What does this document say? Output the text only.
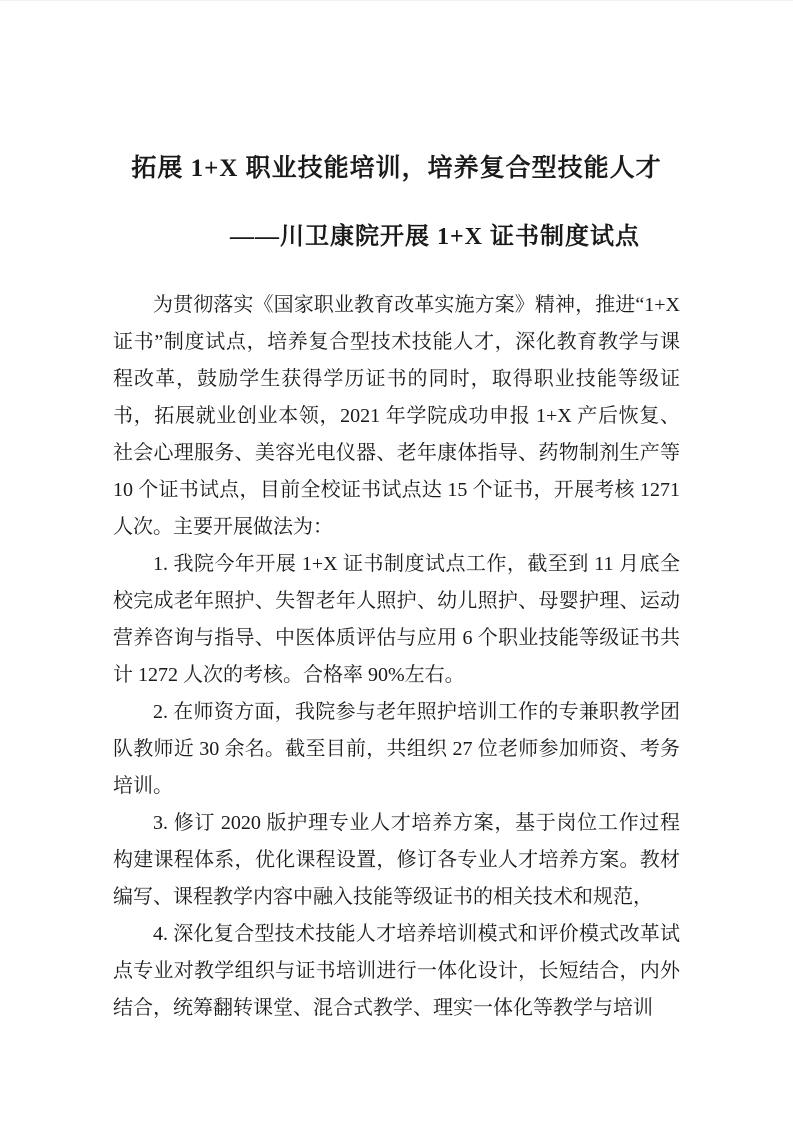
拓展 1+X 职业技能培训，培养复合型技能人才
——川卫康院开展 1+X 证书制度试点

为贯彻落实《国家职业教育改革实施方案》精神，推进“1+X 证书”制度试点，培养复合型技术技能人才，深化教育教学与课程改革，鼓励学生获得学历证书的同时，取得职业技能等级证书，拓展就业创业本领，2021 年学院成功申报 1+X 产后恢复、社会心理服务、美容光电仪器、老年康体指导、药物制剂生产等 10 个证书试点，目前全校证书试点达 15 个证书，开展考核 1271 人次。主要开展做法为：

1. 我院今年开展 1+X 证书制度试点工作，截至到 11 月底全校完成老年照护、失智老年人照护、幼儿照护、母婴护理、运动营养咨询与指导、中医体质评估与应用 6 个职业技能等级证书共计 1272 人次的考核。合格率 90%左右。

2. 在师资方面，我院参与老年照护培训工作的专兼职教学团队教师近 30 余名。截至目前，共组织 27 位老师参加师资、考务培训。

3. 修订 2020 版护理专业人才培养方案，基于岗位工作过程构建课程体系，优化课程设置，修订各专业人才培养方案。教材编写、课程教学内容中融入技能等级证书的相关技术和规范，

4. 深化复合型技术技能人才培养培训模式和评价模式改革试点专业对教学组织与证书培训进行一体化设计，长短结合，内外结合，统筹翻转课堂、混合式教学、理实一体化等教学与培训
